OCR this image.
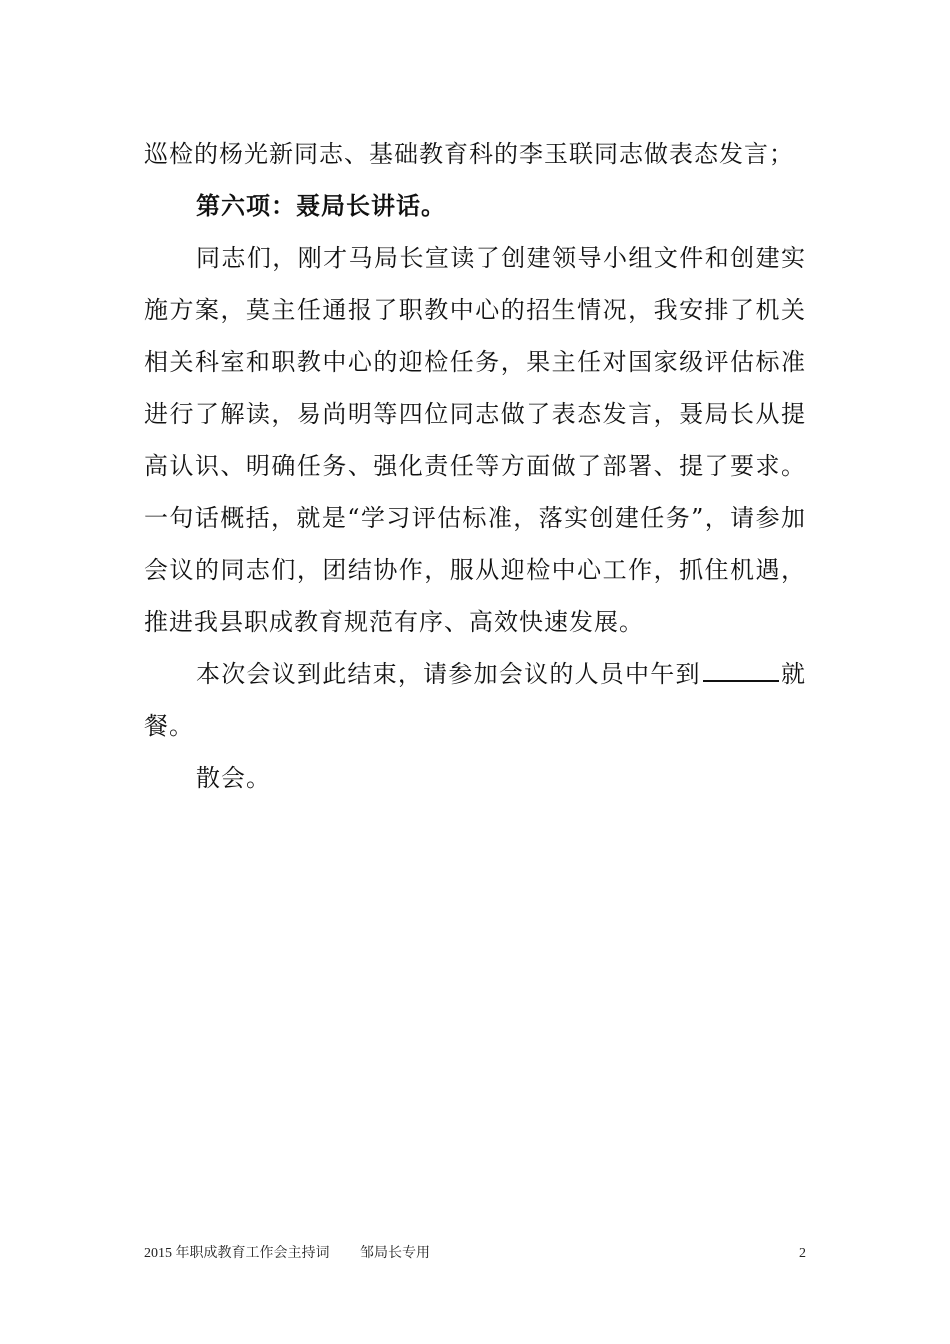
巡检的杨光新同志、基础教育科的李玉联同志做表态发言；

第六项：聂局长讲话。

同志们，刚才马局长宣读了创建领导小组文件和创建实施方案，莫主任通报了职教中心的招生情况，我安排了机关相关科室和职教中心的迎检任务，果主任对国家级评估标准进行了解读，易尚明等四位同志做了表态发言，聂局长从提高认识、明确任务、强化责任等方面做了部署、提了要求。一句话概括，就是“学习评估标准，落实创建任务”，请参加会议的同志们，团结协作，服从迎检中心工作，抓住机遇，推进我县职成教育规范有序、高效快速发展。

本次会议到此结束，请参加会议的人员中午到	就餐。

散会。

2015 年职成教育工作会主持词 邹局长专用	2
